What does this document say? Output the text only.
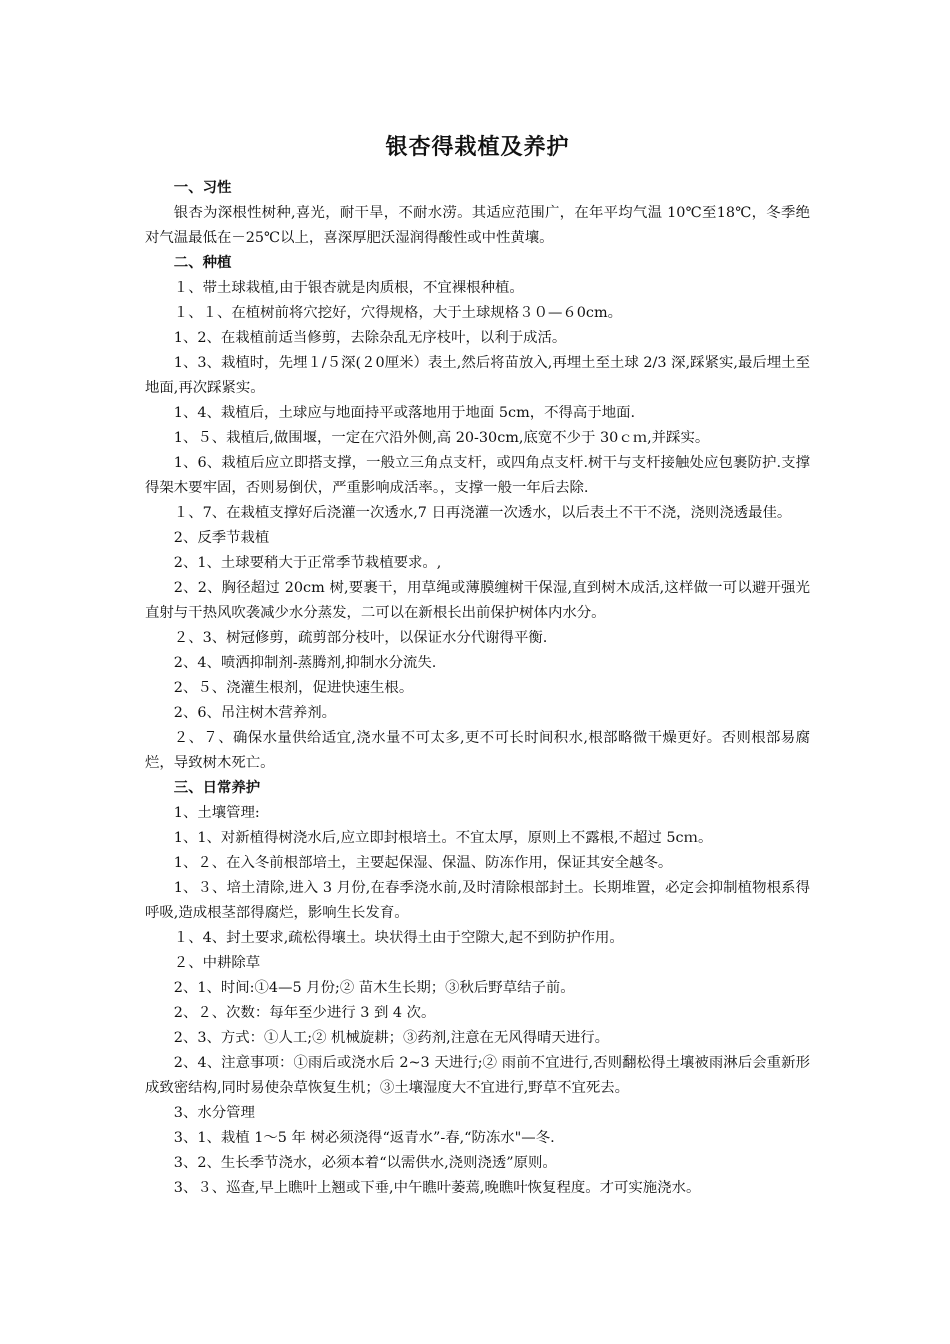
银杏得栽植及养护

一、习性

银杏为深根性树种,喜光，耐干旱，不耐水涝。其适应范围广，在年平均气温 10℃至18℃，冬季绝对气温最低在－25℃以上，喜深厚肥沃湿润得酸性或中性黄壤。

二、种植

１、带土球栽植,由于银杏就是肉质根，不宜裸根种植。

１、１、在植树前将穴挖好，穴得规格，大于土球规格３０—６0cm。

1、2、在栽植前适当修剪，去除杂乱无序枝叶，以利于成活。

1、3、栽植时，先埋１/５深(２0厘米）表土,然后将苗放入,再埋土至土球 2/3 深,踩紧实,最后埋土至地面,再次踩紧实。

1、4、栽植后，土球应与地面持平或落地用于地面 5cm，不得高于地面.

1、５、栽植后,做围堰，一定在穴沿外侧,高 20-30cm,底宽不少于 30ｃｍ,并踩实。

1、6、栽植后应立即搭支撑，一般立三角点支杆，或四角点支杆.树干与支杆接触处应包裹防护.支撑得架木要牢固，否则易倒伏，严重影响成活率。，支撑一般一年后去除.

１、7、在栽植支撑好后浇灌一次透水,7 日再浇灌一次透水，以后表土不干不浇，浇则浇透最佳。

2、反季节栽植

2、1、土球要稍大于正常季节栽植要求。,

2、2、胸径超过 20cm 树,要裹干，用草绳或薄膜缠树干保湿,直到树木成活,这样做一可以避开强光直射与干热风吹袭减少水分蒸发，二可以在新根长出前保护树体内水分。

２、3、树冠修剪，疏剪部分枝叶，以保证水分代谢得平衡.

2、4、喷洒抑制剂-蒸腾剂,抑制水分流失.

2、５、浇灌生根剂，促进快速生根。

2、6、吊注树木营养剂。

２、７、确保水量供给适宜,浇水量不可太多,更不可长时间积水,根部略微干燥更好。否则根部易腐烂，导致树木死亡。

三、日常养护

1、土壤管理:

1、1、对新植得树浇水后,应立即封根培土。不宜太厚，原则上不露根,不超过 5cｍ。

1、２、在入冬前根部培土，主要起保湿、保温、防冻作用，保证其安全越冬。

1、３、培土清除,进入 3 月份,在春季浇水前,及时清除根部封土。长期堆置，必定会抑制植物根系得呼吸,造成根茎部得腐烂，影响生长发育。

１、4、封土要求,疏松得壤土。块状得土由于空隙大,起不到防护作用。

２、中耕除草

2、1、时间:①4—5 月份;② 苗木生长期；③秋后野草结子前。

2、２、次数：每年至少进行 3 到 4 次。

2、3、方式：①人工;② 机械旋耕；③药剂,注意在无风得晴天进行。

2、4、注意事项：①雨后或浇水后 2~3 天进行;② 雨前不宜进行,否则翻松得土壤被雨淋后会重新形成致密结构,同时易使杂草恢复生机；③土壤湿度大不宜进行,野草不宜死去。

3、水分管理

3、1、栽植 1～5 年 树必须浇得“返青水”-春,“防冻水"—冬.

3、2、生长季节浇水，必须本着“以需供水,浇则浇透”原则。

3、３、巡查,早上瞧叶上翘或下垂,中午瞧叶萎蔫,晚瞧叶恢复程度。才可实施浇水。
